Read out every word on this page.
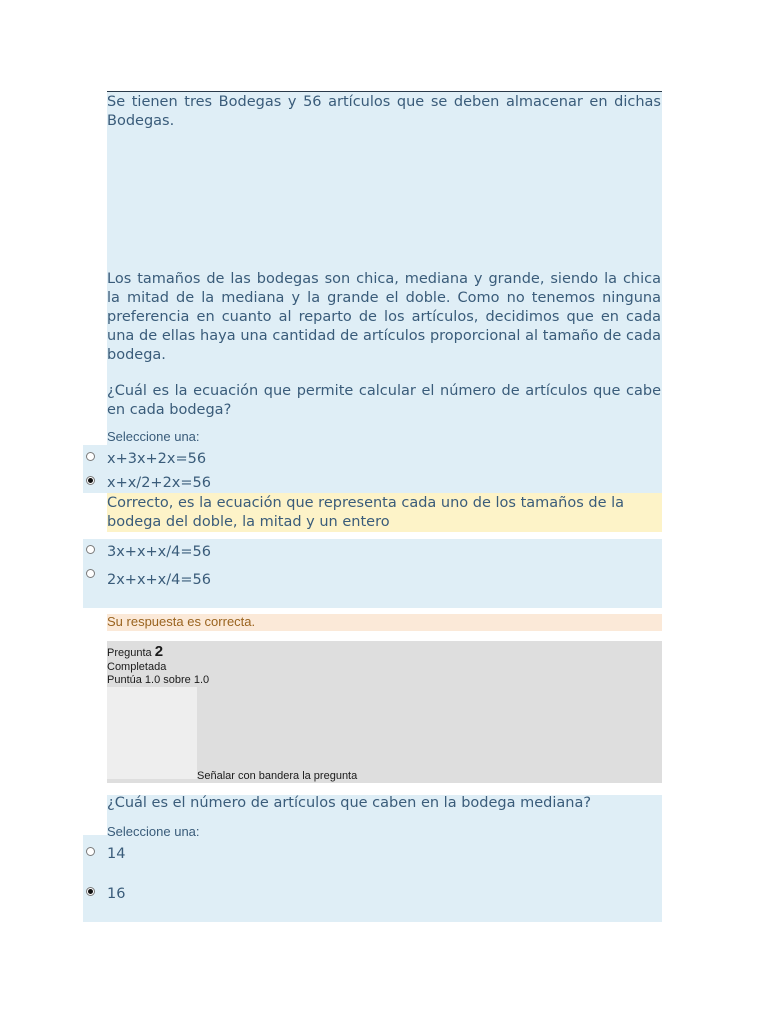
Se tienen tres Bodegas y 56 artículos que se deben almacenar en dichas Bodegas.
Los tamaños de las bodegas son chica, mediana y grande, siendo la chica la mitad de la mediana y la grande el doble. Como no tenemos ninguna preferencia en cuanto al reparto de los artículos, decidimos que en cada una de ellas haya una cantidad de artículos proporcional al tamaño de cada bodega.
¿Cuál es la ecuación que permite calcular el número de artículos que cabe en cada bodega?
Seleccione una:
x+3x+2x=56
x+x/2+2x=56
Correcto, es la ecuación que representa cada uno de los tamaños de la bodega del doble, la mitad y un entero
3x+x+x/4=56
2x+x+x/4=56
Su respuesta es correcta.
Pregunta 2
Completada
Puntúa 1.0 sobre 1.0
Señalar con bandera la pregunta
¿Cuál es el número de artículos que caben en la bodega mediana?
Seleccione una:
14
16
